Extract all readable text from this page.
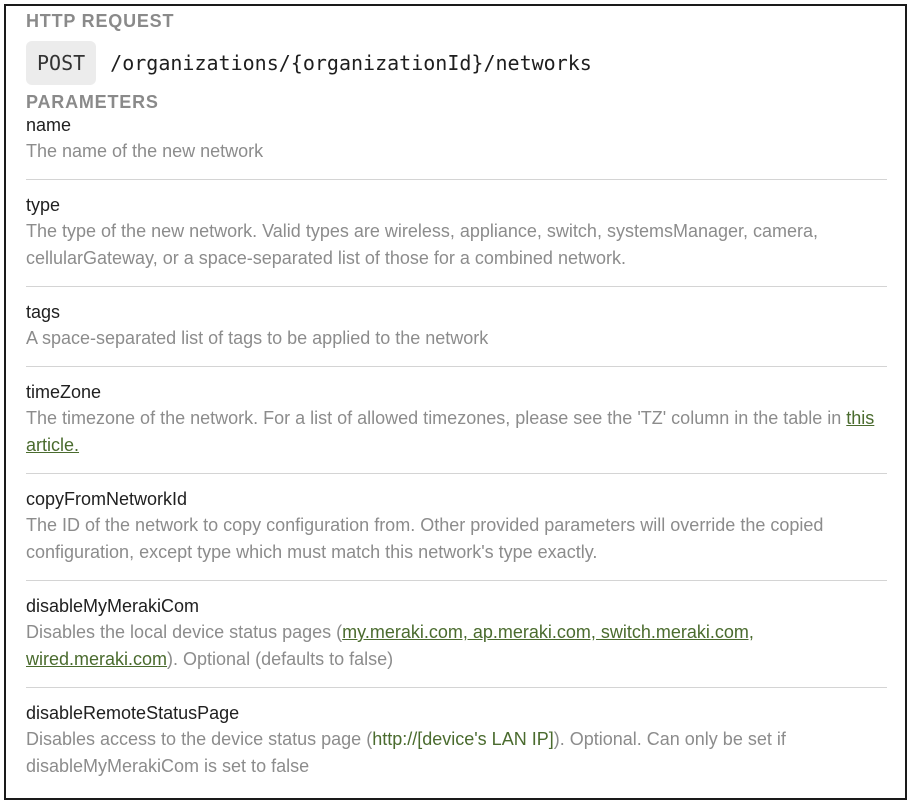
HTTP REQUEST
POST	/organizations/{organizationId}/networks
PARAMETERS
name
The name of the new network
type
The type of the new network. Valid types are wireless, appliance, switch, systemsManager, camera, cellularGateway, or a space-separated list of those for a combined network.
tags
A space-separated list of tags to be applied to the network
timeZone
The timezone of the network. For a list of allowed timezones, please see the 'TZ' column in the table in this article.
copyFromNetworkId
The ID of the network to copy configuration from. Other provided parameters will override the copied configuration, except type which must match this network's type exactly.
disableMyMerakiCom
Disables the local device status pages (my.meraki.com, ap.meraki.com, switch.meraki.com, wired.meraki.com). Optional (defaults to false)
disableRemoteStatusPage
Disables access to the device status page (http://[device's LAN IP]). Optional. Can only be set if disableMyMerakiCom is set to false
